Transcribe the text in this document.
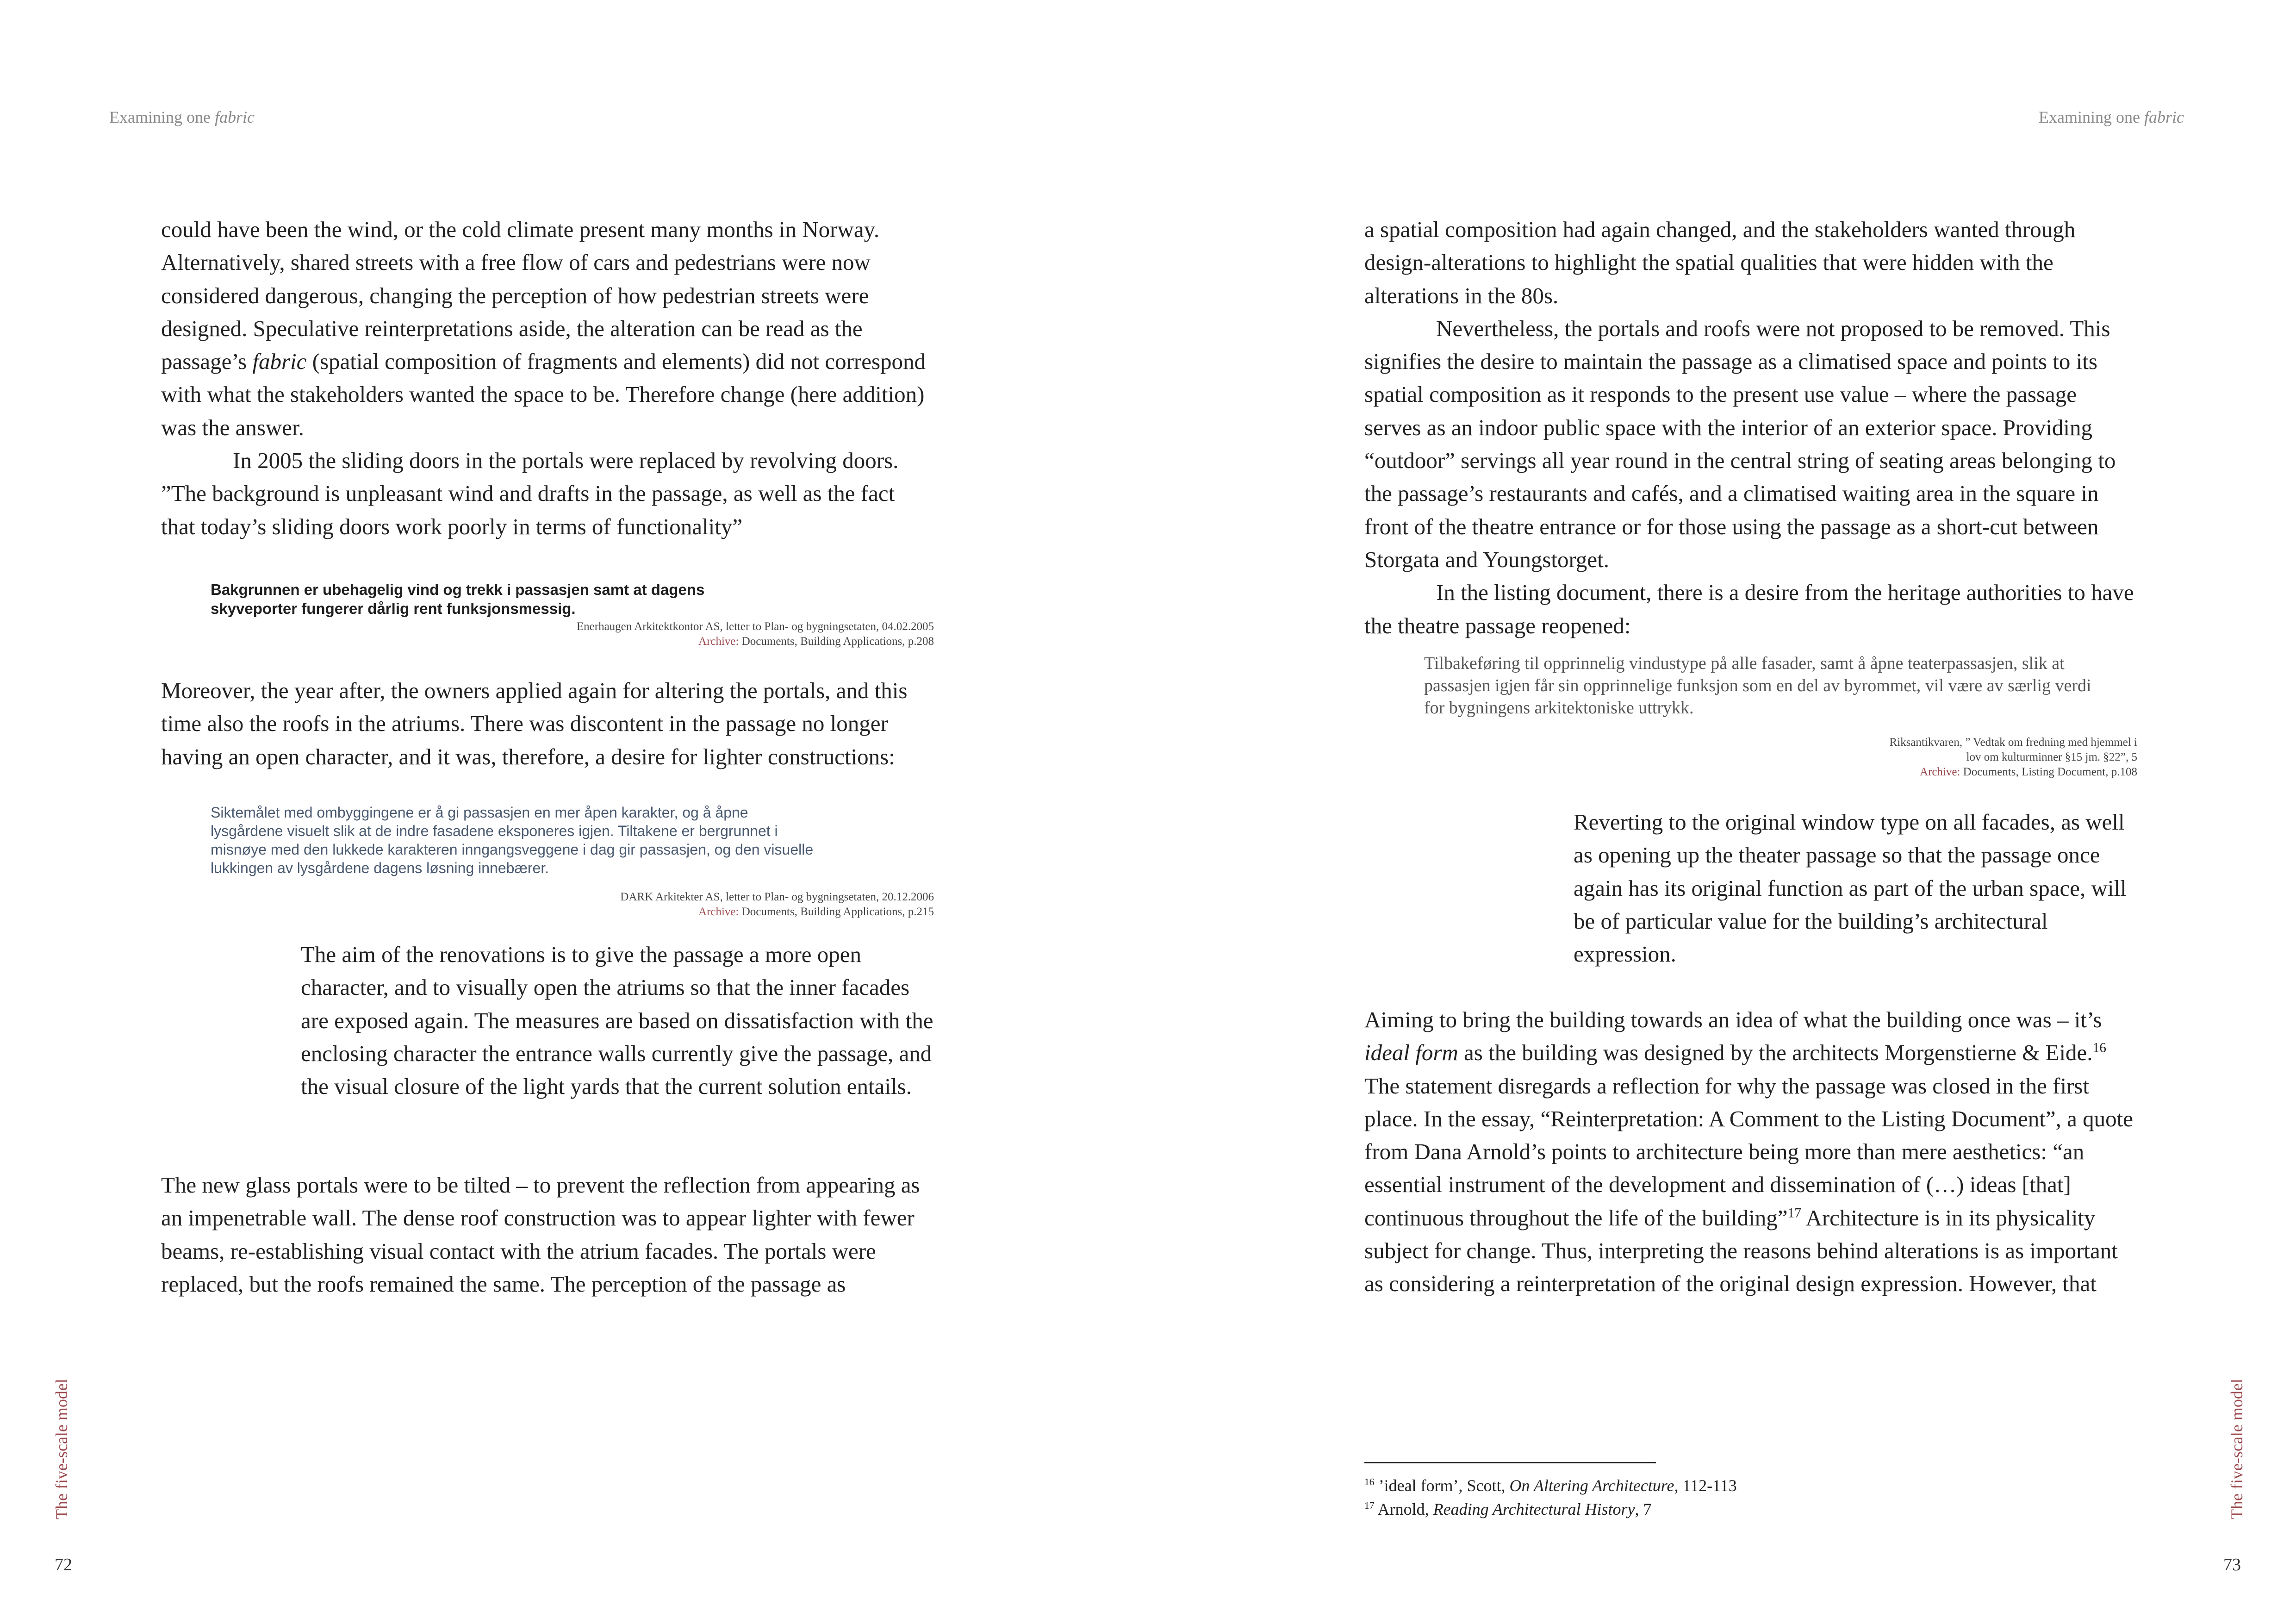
Examining one fabric

could have been the wind, or the cold climate present many months in Norway. Alternatively, shared streets with a free flow of cars and pedestrians were now considered dangerous, changing the perception of how pedestrian streets were designed. Speculative reinterpretations aside, the alteration can be read as the passage’s fabric (spatial composition of fragments and elements) did not correspond with what the stakeholders wanted the space to be. Therefore change (here addition) was the answer.

In 2005 the sliding doors in the portals were replaced by revolving doors. ”The background is unpleasant wind and drafts in the passage, as well as the fact that today’s sliding doors work poorly in terms of functionality”

Bakgrunnen er ubehagelig vind og trekk i passasjen samt at dagens skyveporter fungerer dårlig rent funksjonsmessig.
Enerhaugen Arkitektkontor AS, letter to Plan- og bygningsetaten, 04.02.2005
Archive: Documents, Building Applications, p.208
Moreover, the year after, the owners applied again for altering the portals, and this time also the roofs in the atriums. There was discontent in the passage no longer having an open character, and it was, therefore, a desire for lighter constructions:
Siktemålet med ombyggingene er å gi passasjen en mer åpen karakter, og å åpne lysgårdene visuelt slik at de indre fasadene eksponeres igjen. Tiltakene er bergrunnet i misnøye med den lukkede karakteren inngangsveggene i dag gir passasjen, og den visuelle lukkingen av lysgårdene dagens løsning innebærer.
DARK Arkitekter AS, letter to Plan- og bygningsetaten, 20.12.2006
Archive: Documents, Building Applications, p.215
The aim of the renovations is to give the passage a more open character, and to visually open the atriums so that the inner facades are exposed again. The measures are based on dissatisfaction with the enclosing character the entrance walls currently give the passage, and the visual closure of the light yards that the current solution entails.
The new glass portals were to be tilted – to prevent the reflection from appearing as an impenetrable wall. The dense roof construction was to appear lighter with fewer beams, re-establishing visual contact with the atrium facades. The portals were replaced, but the roofs remained the same. The perception of the passage as
The five-scale model
72
Examining one fabric

a spatial composition had again changed, and the stakeholders wanted through design-alterations to highlight the spatial qualities that were hidden with the alterations in the 80s.

Nevertheless, the portals and roofs were not proposed to be removed. This signifies the desire to maintain the passage as a climatised space and points to its spatial composition as it responds to the present use value – where the passage serves as an indoor public space with the interior of an exterior space. Providing “outdoor” servings all year round in the central string of seating areas belonging to the passage’s restaurants and cafés, and a climatised waiting area in the square in front of the theatre entrance or for those using the passage as a short-cut between Storgata and Youngstorget.

In the listing document, there is a desire from the heritage authorities to have the theatre passage reopened:

Tilbakeføring til opprinnelig vindustype på alle fasader, samt å åpne teaterpassasjen, slik at passasjen igjen får sin opprinnelige funksjon som en del av byrommet, vil være av særlig verdi for bygningens arkitektoniske uttrykk.
Riksantikvaren, ” Vedtak om fredning med hjemmel i
lov om kulturminner §15 jm. §22”, 5
Archive: Documents, Listing Document, p.108
Reverting to the original window type on all facades, as well as opening up the theater passage so that the passage once again has its original function as part of the urban space, will be of particular value for the building’s architectural expression.
Aiming to bring the building towards an idea of what the building once was – it’s ideal form as the building was designed by the architects Morgenstierne & Eide.$^{16}$ The statement disregards a reflection for why the passage was closed in the first place. In the essay, “Reinterpretation: A Comment to the Listing Document”, a quote from Dana Arnold’s points to architecture being more than mere aesthetics: “an essential instrument of the development and dissemination of (…) ideas [that] continuous throughout the life of the building”$^{17}$ Architecture is in its physicality subject for change. Thus, interpreting the reasons behind alterations is as important as considering a reinterpretation of the original design expression. However, that
$^{16}$ ’ideal form’, Scott, On Altering Architecture, 112-113
$^{17}$ Arnold, Reading Architectural History, 7	The five-scale model
73
